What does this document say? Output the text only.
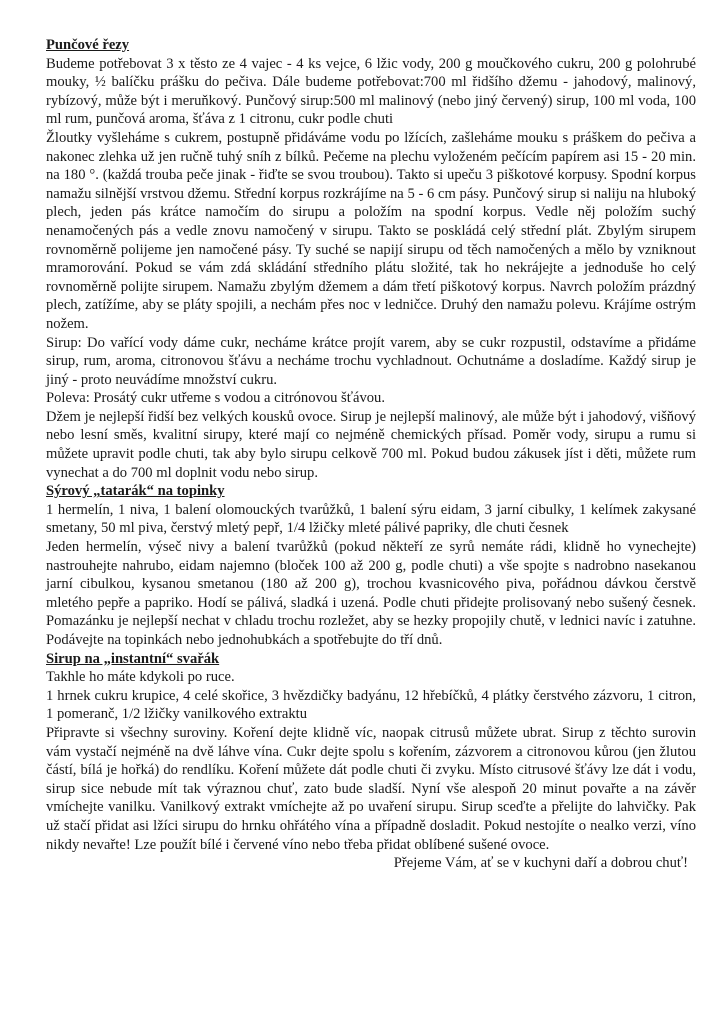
Punčové řezy

Budeme potřebovat 3 x těsto ze 4 vajec - 4 ks vejce, 6 lžic vody, 200 g moučkového cukru, 200 g polohrubé mouky, ½ balíčku prášku do pečiva. Dále budeme potřebovat:700 ml řidšího džemu - jahodový, malinový, rybízový, může být i meruňkový. Punčový sirup:500 ml malinový (nebo jiný červený) sirup, 100 ml voda, 100 ml rum, punčová aroma, šťáva z 1 citronu, cukr podle chuti

Žloutky vyšleháme s cukrem, postupně přidáváme vodu po lžících, zašleháme mouku s práškem do pečiva a nakonec zlehka už jen ručně tuhý sníh z bílků. Pečeme na plechu vyloženém pečícím papírem asi 15 - 20 min. na 180 °. (každá trouba peče jinak - řiďte se svou troubou). Takto si upeču 3 piškotové korpusy. Spodní korpus namažu silnější vrstvou džemu. Střední korpus rozkrájíme na 5 - 6 cm pásy. Punčový sirup si naliju na hluboký plech, jeden pás krátce namočím do sirupu a položím na spodní korpus. Vedle něj položím suchý nenamočených pás a vedle znovu namočený v sirupu. Takto se poskládá celý střední plát. Zbylým sirupem rovnoměrně polijeme jen namočené pásy. Ty suché se napijí sirupu od těch namočených a mělo by vzniknout mramorování. Pokud se vám zdá skládání středního plátu složité, tak ho nekrájejte a jednoduše ho celý rovnoměrně polijte sirupem. Namažu zbylým džemem a dám třetí piškotový korpus. Navrch položím prázdný plech, zatížíme, aby se pláty spojili, a nechám přes noc v ledničce. Druhý den namažu polevu. Krájíme ostrým nožem.

Sirup: Do vařící vody dáme cukr, necháme krátce projít varem, aby se cukr rozpustil, odstavíme a přidáme sirup, rum, aroma, citronovou šťávu a necháme trochu vychladnout. Ochutnáme a dosladíme. Každý sirup je jiný - proto neuvádíme množství cukru.

Poleva: Prosátý cukr utřeme s vodou a citrónovou šťávou.

Džem je nejlepší řidší bez velkých kousků ovoce. Sirup je nejlepší malinový, ale může být i jahodový, višňový nebo lesní směs, kvalitní sirupy, které mají co nejméně chemických přísad. Poměr vody, sirupu a rumu si můžete upravit podle chuti, tak aby bylo sirupu celkově 700 ml. Pokud budou zákusek jíst i děti, můžete rum vynechat a do 700 ml doplnit vodu nebo sirup.

Sýrový „tatarák“ na topinky

1 hermelín, 1 niva, 1 balení olomouckých tvarůžků, 1 balení sýru eidam, 3 jarní cibulky, 1 kelímek zakysané smetany, 50 ml piva, čerstvý mletý pepř, 1/4 lžičky mleté pálivé papriky, dle chuti česnek

Jeden hermelín, výseč nivy a balení tvarůžků (pokud někteří ze syrů nemáte rádi, klidně ho vynechejte) nastrouhejte nahrubo, eidam najemno (bloček 100 až 200 g, podle chuti) a vše spojte s nadrobno nasekanou jarní cibulkou, kysanou smetanou (180 až 200 g), trochou kvasnicového piva, pořádnou dávkou čerstvě mletého pepře a papriko. Hodí se pálivá, sladká i uzená. Podle chuti přidejte prolisovaný nebo sušený česnek. Pomazánku je nejlepší nechat v chladu trochu rozležet, aby se hezky propojily chutě, v lednici navíc i zatuhne. Podávejte na topinkách nebo jednohubkách a spotřebujte do tří dnů.

Sirup na „instantní“ svařák

Takhle ho máte kdykoli po ruce.

1 hrnek cukru krupice, 4 celé skořice, 3 hvězdičky badyánu, 12 hřebíčků, 4 plátky čerstvého zázvoru, 1 citron, 1 pomeranč, 1/2 lžičky vanilkového extraktu

Připravte si všechny suroviny. Koření dejte klidně víc, naopak citrusů můžete ubrat. Sirup z těchto surovin vám vystačí nejméně na dvě láhve vína. Cukr dejte spolu s kořením, zázvorem a citronovou kůrou (jen žlutou částí, bílá je hořká) do rendlíku. Koření můžete dát podle chuti či zvyku. Místo citrusové šťávy lze dát i vodu, sirup sice nebude mít tak výraznou chuť, zato bude sladší. Nyní vše alespoň 20 minut povařte a na závěr vmíchejte vanilku. Vanilkový extrakt vmíchejte až po uvaření sirupu. Sirup sceďte a přelijte do lahvičky. Pak už stačí přidat asi lžíci sirupu do hrnku ohřátého vína a případně dosladit. Pokud nestojíte o nealko verzi, víno nikdy nevařte! Lze použít bílé i červené víno nebo třeba přidat oblíbené sušené ovoce.

Přejeme Vám, ať se v kuchyni daří a dobrou chuť!
